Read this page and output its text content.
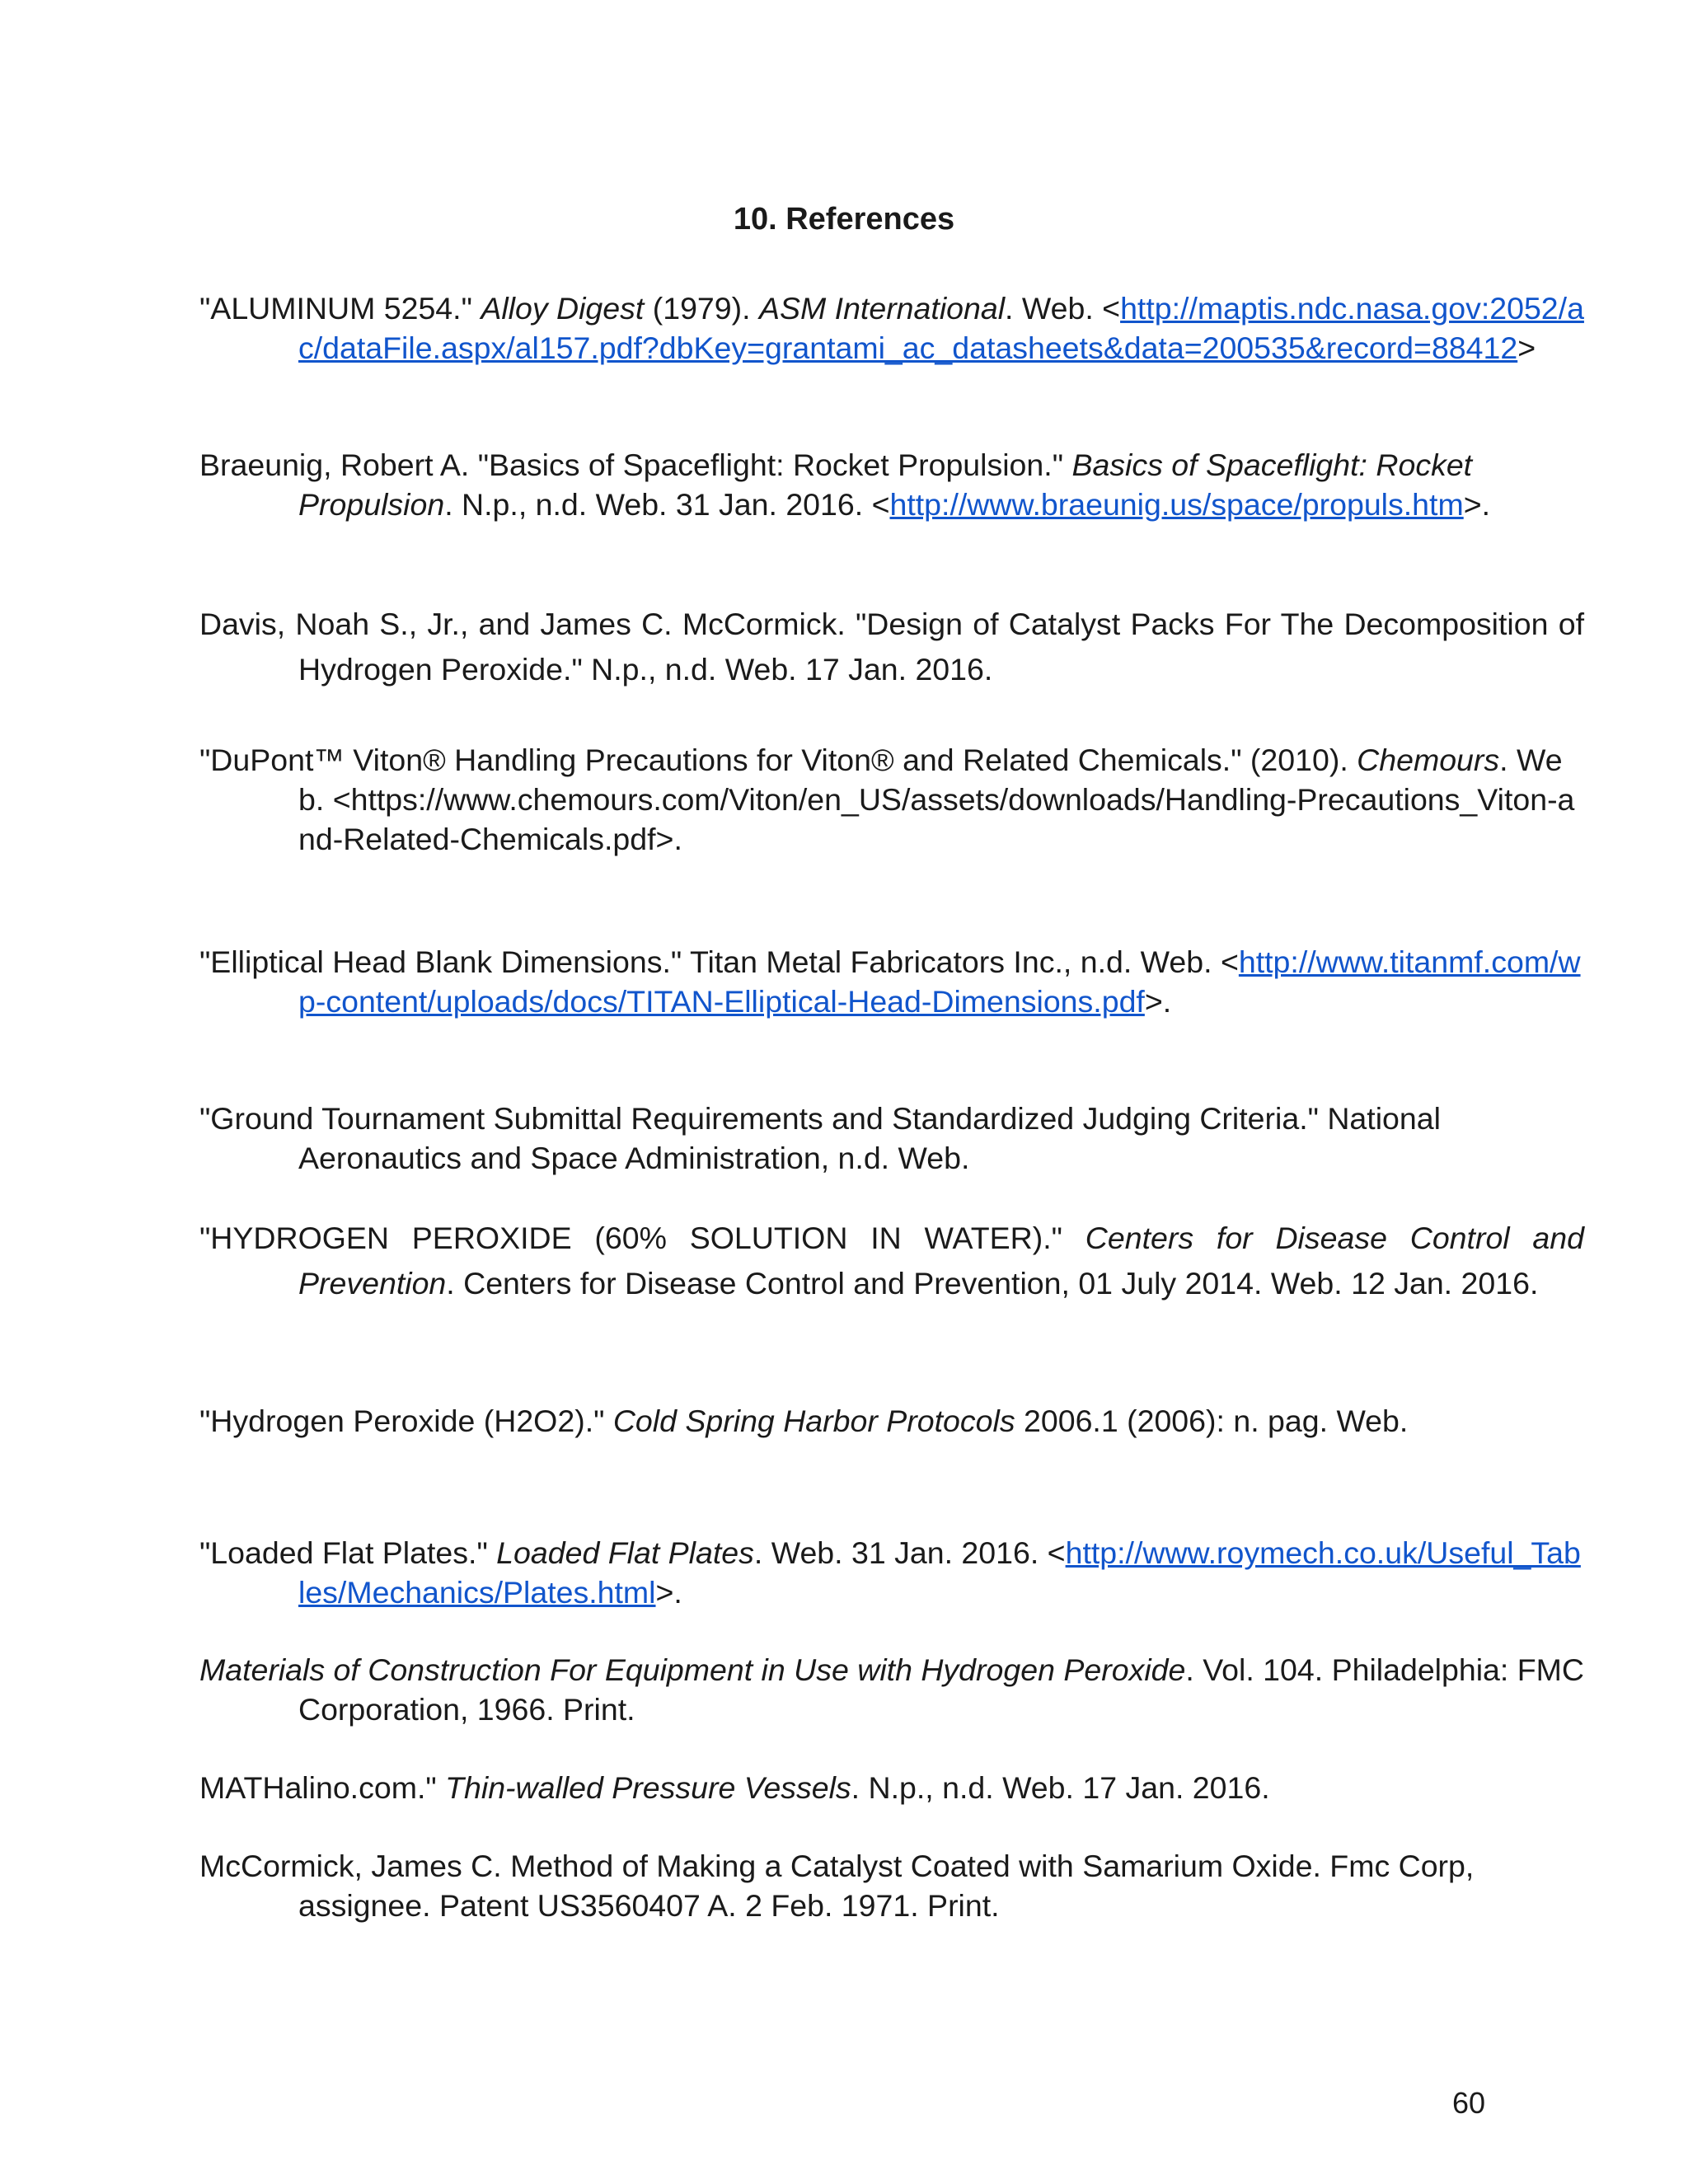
10. References

"ALUMINUM 5254." Alloy Digest (1979). ASM International. Web. <http://maptis.ndc.nasa.gov:2052/ac/dataFile.aspx/al157.pdf?dbKey=grantami_ac_datasheets&data=200535&record=88412>

Braeunig, Robert A. "Basics of Spaceflight: Rocket Propulsion." Basics of Spaceflight: Rocket Propulsion. N.p., n.d. Web. 31 Jan. 2016. <http://www.braeunig.us/space/propuls.htm>.

Davis, Noah S., Jr., and James C. McCormick. "Design of Catalyst Packs For The Decomposition of Hydrogen Peroxide." N.p., n.d. Web. 17 Jan. 2016.

"DuPont™ Viton® Handling Precautions for Viton® and Related Chemicals." (2010). Chemours. Web. <https://www.chemours.com/Viton/en_US/assets/downloads/Handling-Precautions_Viton-and-Related-Chemicals.pdf>.

"Elliptical Head Blank Dimensions." Titan Metal Fabricators Inc., n.d. Web. <http://www.titanmf.com/wp-content/uploads/docs/TITAN-Elliptical-Head-Dimensions.pdf>.

"Ground Tournament Submittal Requirements and Standardized Judging Criteria." National Aeronautics and Space Administration, n.d. Web.

"HYDROGEN PEROXIDE (60% SOLUTION IN WATER)." Centers for Disease Control and Prevention. Centers for Disease Control and Prevention, 01 July 2014. Web. 12 Jan. 2016.

"Hydrogen Peroxide (H2O2)." Cold Spring Harbor Protocols 2006.1 (2006): n. pag. Web.

"Loaded Flat Plates." Loaded Flat Plates. Web. 31 Jan. 2016. <http://www.roymech.co.uk/Useful_Tables/Mechanics/Plates.html>.

Materials of Construction For Equipment in Use with Hydrogen Peroxide. Vol. 104. Philadelphia: FMC Corporation, 1966. Print.

MATHalino.com." Thin-walled Pressure Vessels. N.p., n.d. Web. 17 Jan. 2016.

McCormick, James C. Method of Making a Catalyst Coated with Samarium Oxide. Fmc Corp, assignee. Patent US3560407 A. 2 Feb. 1971. Print.

60
